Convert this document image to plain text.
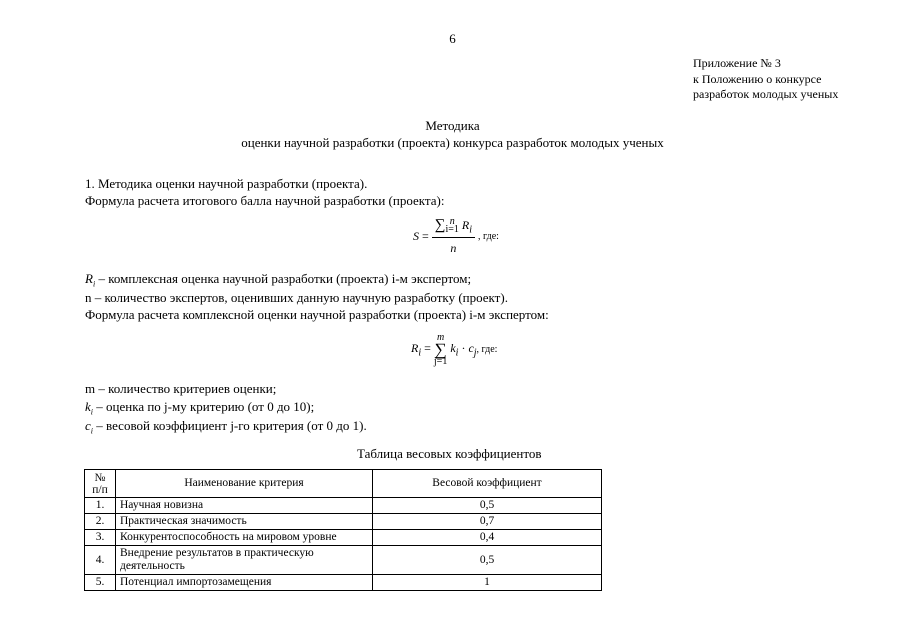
6
Приложение № 3
к Положению о конкурсе
разработок молодых ученых
Методика
оценки научной разработки (проекта) конкурса разработок молодых ученых
1. Методика оценки научной разработки (проекта).
Формула расчета итогового балла научной разработки (проекта):
S = ∑ n
i=1 $R_i$
n , где:
$R_i$ – комплексная оценка научной разработки (проекта) i-м экспертом;
n – количество экспертов, оценивших данную научную разработку (проект).
Формула расчета комплексной оценки научной разработки (проекта) i-м экспертом:
$R_i$ =
m
∑
j=1
$k_i \cdot c_j$, где:
m – количество критериев оценки;
$k_i$ – оценка по j-му критерию (от 0 до 10);
$c_i$ – весовой коэффициент j-го критерия (от 0 до 1).
Таблица весовых коэффициентов
№
п/п	Наименование критерия	Весовой коэффициент
1.	Научная новизна	0,5
2.	Практическая значимость	0,7
3.	Конкурентоспособность на мировом уровне	0,4
4.	Внедрение результатов в практическую деятельность	0,5
5.	Потенциал импортозамещения	1
